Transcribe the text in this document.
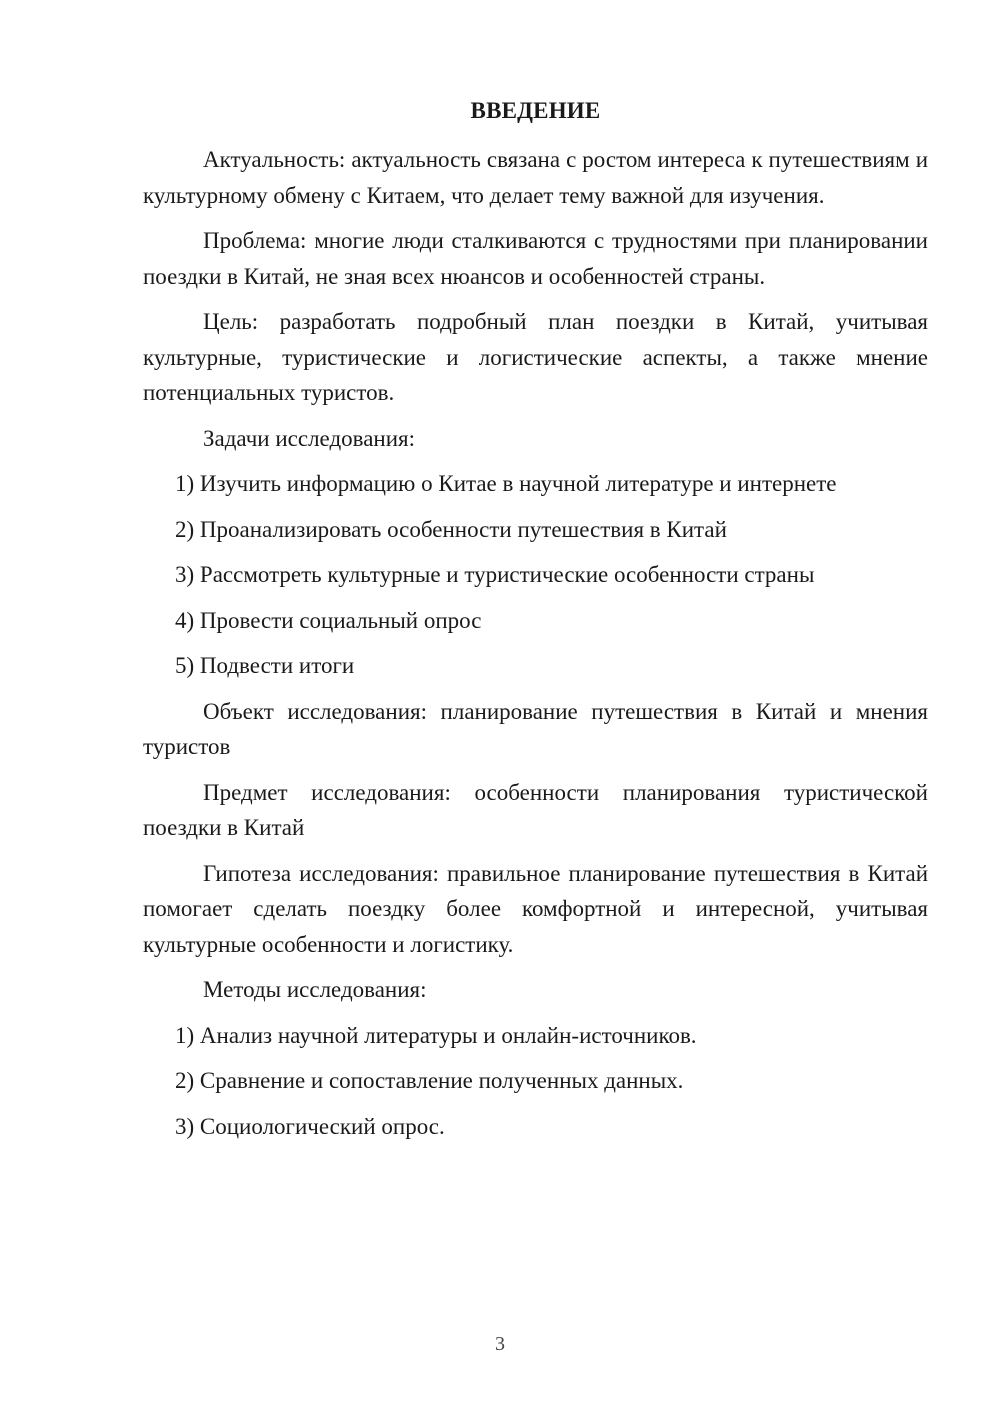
ВВЕДЕНИЕ

Актуальность: актуальность связана с ростом интереса к путешествиям и культурному обмену с Китаем, что делает тему важной для изучения.

Проблема: многие люди сталкиваются с трудностями при планировании поездки в Китай, не зная всех нюансов и особенностей страны.

Цель: разработать подробный план поездки в Китай, учитывая культурные, туристические и логистические аспекты, а также мнение потенциальных туристов.

Задачи исследования:

1) Изучить информацию о Китае в научной литературе и интернете
2) Проанализировать особенности путешествия в Китай
3) Рассмотреть культурные и туристические особенности страны
4) Провести социальный опрос
5) Подвести итоги

Объект исследования: планирование путешествия в Китай и мнения туристов

Предмет исследования: особенности планирования туристической поездки в Китай

Гипотеза исследования: правильное планирование путешествия в Китай помогает сделать поездку более комфортной и интересной, учитывая культурные особенности и логистику.

Методы исследования:

1) Анализ научной литературы и онлайн-источников.
2) Сравнение и сопоставление полученных данных.
3) Социологический опрос.
3
